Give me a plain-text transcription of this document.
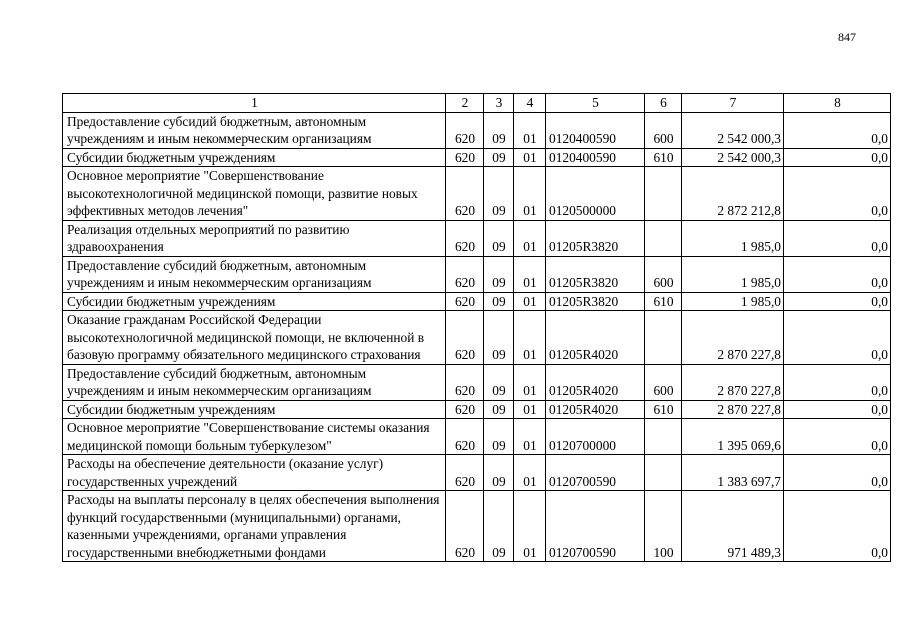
847
1	2	3	4	5	6	7	8
Предоставление субсидий бюджетным, автономным учреждениям и иным некоммерческим организациям	620	09	01	0120400590	600	2 542 000,3	0,0
Субсидии бюджетным учреждениям	620	09	01	0120400590	610	2 542 000,3	0,0
Основное мероприятие "Совершенствование высокотехнологичной медицинской помощи, развитие новых эффективных методов лечения"	620	09	01	0120500000		2 872 212,8	0,0
Реализация отдельных мероприятий по развитию здравоохранения	620	09	01	01205R3820		1 985,0	0,0
Предоставление субсидий бюджетным, автономным учреждениям и иным некоммерческим организациям	620	09	01	01205R3820	600	1 985,0	0,0
Субсидии бюджетным учреждениям	620	09	01	01205R3820	610	1 985,0	0,0
Оказание гражданам Российской Федерации высокотехнологичной медицинской помощи, не включенной в базовую программу обязательного медицинского страхования	620	09	01	01205R4020		2 870 227,8	0,0
Предоставление субсидий бюджетным, автономным учреждениям и иным некоммерческим организациям	620	09	01	01205R4020	600	2 870 227,8	0,0
Субсидии бюджетным учреждениям	620	09	01	01205R4020	610	2 870 227,8	0,0
Основное мероприятие "Совершенствование системы оказания медицинской помощи больным туберкулезом"	620	09	01	0120700000		1 395 069,6	0,0
Расходы на обеспечение деятельности (оказание услуг) государственных учреждений	620	09	01	0120700590		1 383 697,7	0,0
Расходы на выплаты персоналу в целях обеспечения выполнения функций государственными (муниципальными) органами, казенными учреждениями, органами управления государственными внебюджетными фондами	620	09	01	0120700590	100	971 489,3	0,0
